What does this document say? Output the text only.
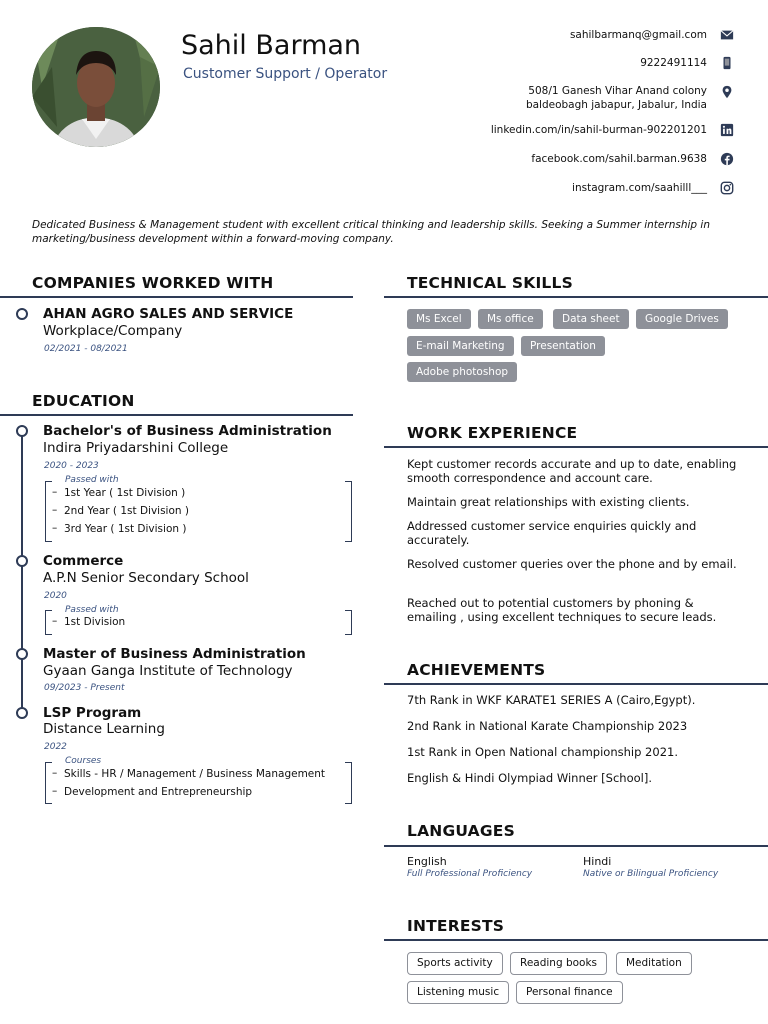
Sahil Barman
Customer Support / Operator
sahilbarmanq@gmail.com
9222491114
508/1 Ganesh Vihar Anand colony
baldeobagh jabapur, Jabalur, India
linkedin.com/in/sahil-burman-902201201
facebook.com/sahil.barman.9638
instagram.com/saahilll___
Dedicated Business & Management student with excellent critical thinking and leadership skills. Seeking a Summer internship in marketing/business development within a forward-moving company.
COMPANIES WORKED WITH
AHAN AGRO SALES AND SERVICE
Workplace/Company
02/2021 - 08/2021
EDUCATION
Bachelor's of Business Administration
Indira Priyadarshini College
2020 - 2023
Passed with
– 1st Year ( 1st Division )
– 2nd Year ( 1st Division )
– 3rd Year ( 1st Division )
Commerce
A.P.N Senior Secondary School
2020
Passed with
– 1st Division
Master of Business Administration
Gyaan Ganga Institute of Technology
09/2023 - Present
LSP Program
Distance Learning
2022
Courses
– Skills - HR / Management / Business Management
– Development and Entrepreneurship
TECHNICAL SKILLS
Ms Excel	Ms office	Data sheet	Google Drives
E-mail Marketing	Presentation
Adobe photoshop
WORK EXPERIENCE
Kept customer records accurate and up to date, enabling smooth correspondence and account care.
Maintain great relationships with existing clients.
Addressed customer service enquiries quickly and accurately.
Resolved customer queries over the phone and by email.
Reached out to potential customers by phoning & emailing , using excellent techniques to secure leads.
ACHIEVEMENTS
7th Rank in WKF KARATE1 SERIES A (Cairo,Egypt).
2nd Rank in National Karate Championship 2023
1st Rank in Open National championship 2021.
English & Hindi Olympiad Winner [School].
LANGUAGES
English
Full Professional Proficiency
Hindi
Native or Bilingual Proficiency
INTERESTS
Sports activity	Reading books	Meditation
Listening music	Personal finance
